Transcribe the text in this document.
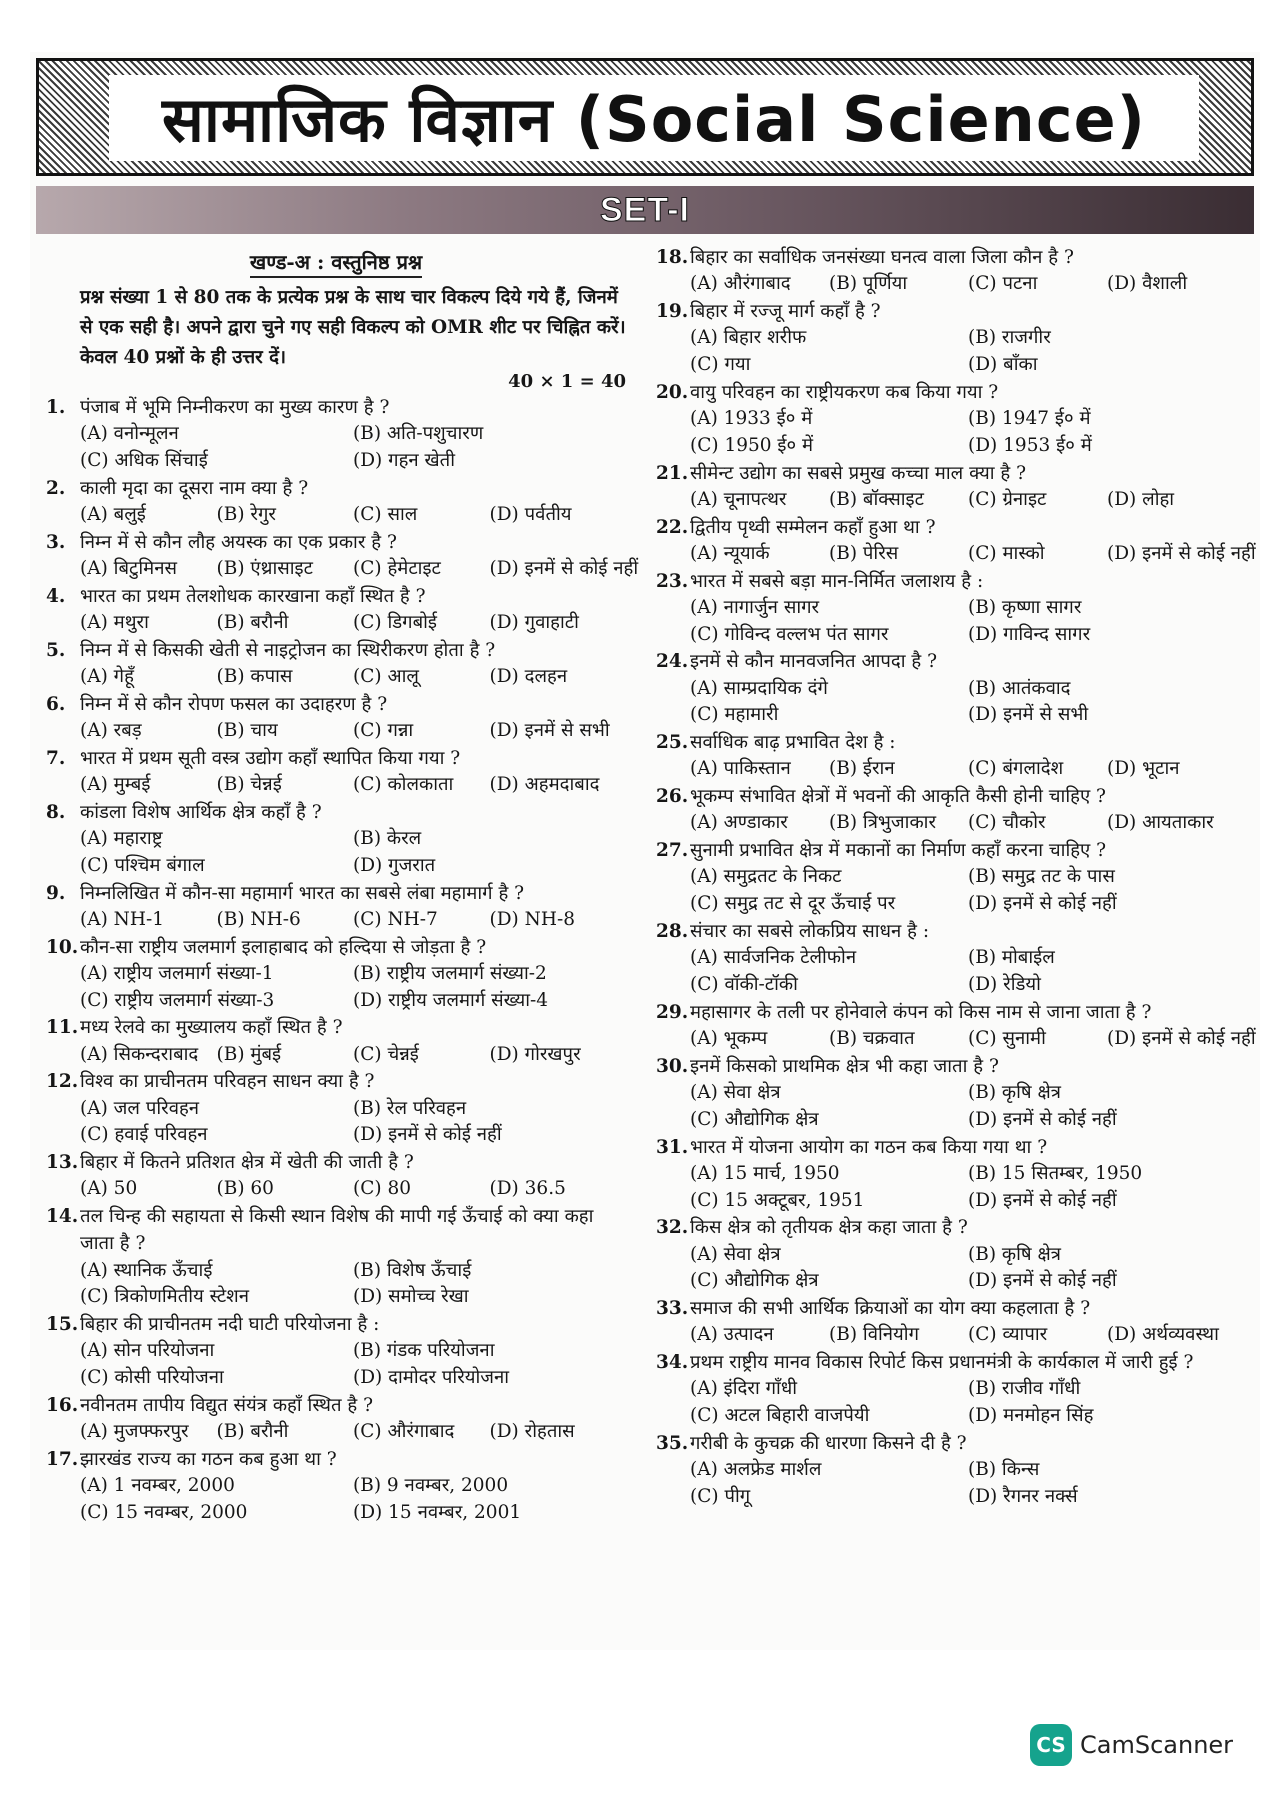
सामाजिक विज्ञान (Social Science)
SET-I
खण्ड-अ : वस्तुनिष्ठ प्रश्न
प्रश्न संख्या 1 से 80 तक के प्रत्येक प्रश्न के साथ चार विकल्प दिये गये हैं, जिनमें से एक सही है। अपने द्वारा चुने गए सही विकल्प को OMR शीट पर चिह्नित करें। केवल 40 प्रश्नों के ही उत्तर दें।
40 × 1 = 40
1. पंजाब में भूमि निम्नीकरण का मुख्य कारण है ?
(A) वनोन्मूलन	(B) अति-पशुचारण
(C) अधिक सिंचाई	(D) गहन खेती
2. काली मृदा का दूसरा नाम क्या है ?
(A) बलुई	(B) रेगुर	(C) साल	(D) पर्वतीय
3. निम्न में से कौन लौह अयस्क का एक प्रकार है ?
(A) बिटुमिनस	(B) एंथ्रासाइट	(C) हेमेटाइट	(D) इनमें से कोई नहीं
4. भारत का प्रथम तेलशोधक कारखाना कहाँ स्थित है ?
(A) मथुरा	(B) बरौनी	(C) डिगबोई	(D) गुवाहाटी
5. निम्न में से किसकी खेती से नाइट्रोजन का स्थिरीकरण होता है ?
(A) गेहूँ	(B) कपास	(C) आलू	(D) दलहन
6. निम्न में से कौन रोपण फसल का उदाहरण है ?
(A) रबड़	(B) चाय	(C) गन्ना	(D) इनमें से सभी
7. भारत में प्रथम सूती वस्त्र उद्योग कहाँ स्थापित किया गया ?
(A) मुम्बई	(B) चेन्नई	(C) कोलकाता	(D) अहमदाबाद
8. कांडला विशेष आर्थिक क्षेत्र कहाँ है ?
(A) महाराष्ट्र	(B) केरल
(C) पश्चिम बंगाल	(D) गुजरात
9. निम्नलिखित में कौन-सा महामार्ग भारत का सबसे लंबा महामार्ग है ?
(A) NH-1	(B) NH-6	(C) NH-7	(D) NH-8
10. कौन-सा राष्ट्रीय जलमार्ग इलाहाबाद को हल्दिया से जोड़ता है ?
(A) राष्ट्रीय जलमार्ग संख्या-1	(B) राष्ट्रीय जलमार्ग संख्या-2
(C) राष्ट्रीय जलमार्ग संख्या-3	(D) राष्ट्रीय जलमार्ग संख्या-4
11. मध्य रेलवे का मुख्यालय कहाँ स्थित है ?
(A) सिकन्दराबाद (B) मुंबई	(C) चेन्नई	(D) गोरखपुर
12. विश्व का प्राचीनतम परिवहन साधन क्या है ?
(A) जल परिवहन	(B) रेल परिवहन
(C) हवाई परिवहन	(D) इनमें से कोई नहीं
13. बिहार में कितने प्रतिशत क्षेत्र में खेती की जाती है ?
(A) 50	(B) 60	(C) 80	(D) 36.5
14. तल चिन्ह की सहायता से किसी स्थान विशेष की मापी गई ऊँचाई को क्या कहा जाता है ?
(A) स्थानिक ऊँचाई	(B) विशेष ऊँचाई
(C) त्रिकोणमितीय स्टेशन	(D) समोच्च रेखा
15. बिहार की प्राचीनतम नदी घाटी परियोजना है :
(A) सोन परियोजना	(B) गंडक परियोजना
(C) कोसी परियोजना	(D) दामोदर परियोजना
16. नवीनतम तापीय विद्युत संयंत्र कहाँ स्थित है ?
(A) मुजफ्फरपुर	(B) बरौनी	(C) औरंगाबाद	(D) रोहतास
17. झारखंड राज्य का गठन कब हुआ था ?
(A) 1 नवम्बर, 2000	(B) 9 नवम्बर, 2000
(C) 15 नवम्बर, 2000	(D) 15 नवम्बर, 2001
18. बिहार का सर्वाधिक जनसंख्या घनत्व वाला जिला कौन है ?
(A) औरंगाबाद	(B) पूर्णिया	(C) पटना	(D) वैशाली
19. बिहार में रज्जू मार्ग कहाँ है ?
(A) बिहार शरीफ	(B) राजगीर
(C) गया	(D) बाँका
20. वायु परिवहन का राष्ट्रीयकरण कब किया गया ?
(A) 1933 ई० में	(B) 1947 ई० में
(C) 1950 ई० में	(D) 1953 ई० में
21. सीमेन्ट उद्योग का सबसे प्रमुख कच्चा माल क्या है ?
(A) चूनापत्थर	(B) बॉक्साइट	(C) ग्रेनाइट	(D) लोहा
22. द्वितीय पृथ्वी सम्मेलन कहाँ हुआ था ?
(A) न्यूयार्क	(B) पेरिस	(C) मास्को	(D) इनमें से कोई नहीं
23. भारत में सबसे बड़ा मान-निर्मित जलाशय है :
(A) नागार्जुन सागर	(B) कृष्णा सागर
(C) गोविन्द वल्लभ पंत सागर	(D) गाविन्द सागर
24. इनमें से कौन मानवजनित आपदा है ?
(A) साम्प्रदायिक दंगे	(B) आतंकवाद
(C) महामारी	(D) इनमें से सभी
25. सर्वाधिक बाढ़ प्रभावित देश है :
(A) पाकिस्तान	(B) ईरान	(C) बंगलादेश	(D) भूटान
26. भूकम्प संभावित क्षेत्रों में भवनों की आकृति कैसी होनी चाहिए ?
(A) अण्डाकार	(B) त्रिभुजाकार	(C) चौकोर	(D) आयताकार
27. सुनामी प्रभावित क्षेत्र में मकानों का निर्माण कहाँ करना चाहिए ?
(A) समुद्रतट के निकट	(B) समुद्र तट के पास
(C) समुद्र तट से दूर ऊँचाई पर	(D) इनमें से कोई नहीं
28. संचार का सबसे लोकप्रिय साधन है :
(A) सार्वजनिक टेलीफोन	(B) मोबाईल
(C) वॉकी-टॉकी	(D) रेडियो
29. महासागर के तली पर होनेवाले कंपन को किस नाम से जाना जाता है ?
(A) भूकम्प	(B) चक्रवात	(C) सुनामी	(D) इनमें से कोई नहीं
30. इनमें किसको प्राथमिक क्षेत्र भी कहा जाता है ?
(A) सेवा क्षेत्र	(B) कृषि क्षेत्र
(C) औद्योगिक क्षेत्र	(D) इनमें से कोई नहीं
31. भारत में योजना आयोग का गठन कब किया गया था ?
(A) 15 मार्च, 1950	(B) 15 सितम्बर, 1950
(C) 15 अक्टूबर, 1951	(D) इनमें से कोई नहीं
32. किस क्षेत्र को तृतीयक क्षेत्र कहा जाता है ?
(A) सेवा क्षेत्र	(B) कृषि क्षेत्र
(C) औद्योगिक क्षेत्र	(D) इनमें से कोई नहीं
33. समाज की सभी आर्थिक क्रियाओं का योग क्या कहलाता है ?
(A) उत्पादन	(B) विनियोग	(C) व्यापार	(D) अर्थव्यवस्था
34. प्रथम राष्ट्रीय मानव विकास रिपोर्ट किस प्रधानमंत्री के कार्यकाल में जारी हुई ?
(A) इंदिरा गाँधी	(B) राजीव गाँधी
(C) अटल बिहारी वाजपेयी	(D) मनमोहन सिंह
35. गरीबी के कुचक्र की धारणा किसने दी है ?
(A) अलफ्रेड मार्शल	(B) किन्स
(C) पीगू	(D) रैगनर नर्क्स
CS CamScanner
